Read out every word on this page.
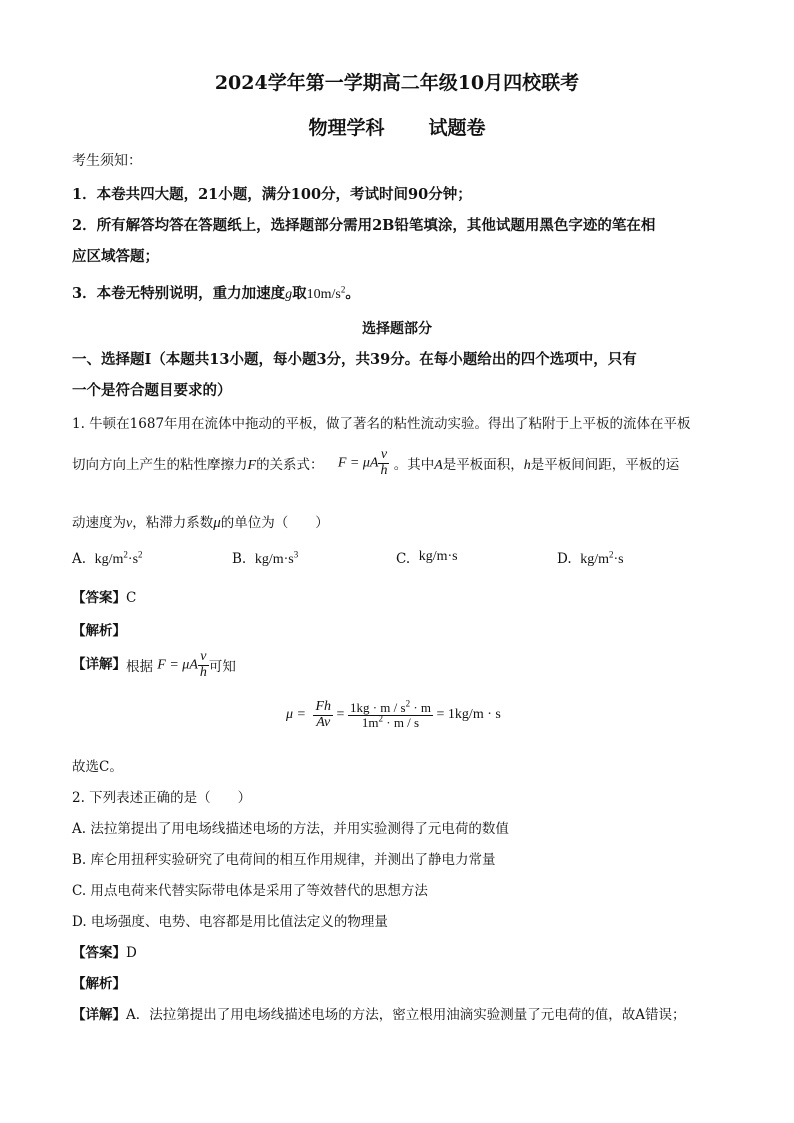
2024学年第一学期高二年级10月四校联考
物理学科 试题卷
考生须知：
1．本卷共四大题，21小题，满分100分，考试时间90分钟；
2．所有解答均答在答题纸上，选择题部分需用2B铅笔填涂，其他试题用黑色字迹的笔在相
应区域答题；
3．本卷无特别说明，重力加速度g取$10m/s^2$。
选择题部分
一、选择题Ⅰ（本题共13小题，每小题3分，共39分。在每小题给出的四个选项中，只有
一个是符合题目要求的）
1. 牛顿在1687年用在流体中拖动的平板，做了著名的粘性流动实验。得出了粘附于上平板的流体在平板
切向方向上产生的粘性摩擦力F的关系式： F = μA $\frac{v}{h}$ 。其中A是平板面积，h是平板间间距，平板的运
动速度为v，粘滞力系数μ的单位为（　　）
A. $kg/m^2\cdot s^2$	B. $kg/m\cdot s^3$	C. kg/m·s	D. $kg/m^2\cdot s$
【答案】C
【解析】
【详解】根据 F = μA $\frac{v}{h}$ 可知
$\mu = \frac{Fh}{Av} = \frac{1kg \cdot m / s^2 \cdot m}{1m^2 \cdot m / s} = 1kg/m \cdot s$
故选C。
2. 下列表述正确的是（　　）
A. 法拉第提出了用电场线描述电场的方法，并用实验测得了元电荷的数值
B. 库仑用扭秤实验研究了电荷间的相互作用规律，并测出了静电力常量
C. 用点电荷来代替实际带电体是采用了等效替代的思想方法
D. 电场强度、电势、电容都是用比值法定义的物理量
【答案】D
【解析】
【详解】A．法拉第提出了用电场线描述电场的方法，密立根用油滴实验测量了元电荷的值，故A错误；
